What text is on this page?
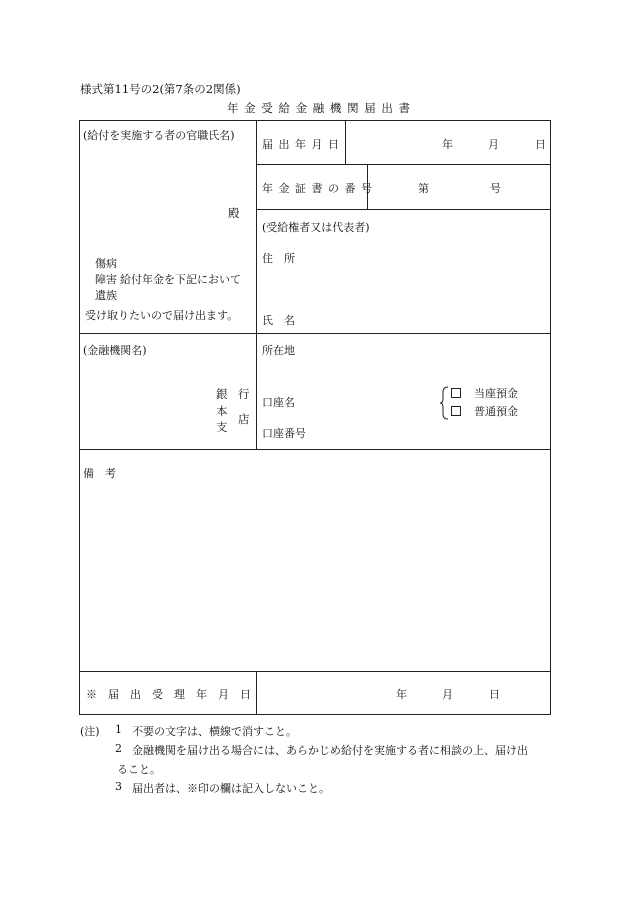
様式第11号の2(第7条の2関係)
年 金 受 給 金 融 機 関 届 出 書
(給付を実施する者の官職氏名)
殿
傷病
障害 給付年金を下記において
遺族
受け取りたいので届け出ます。
届 出 年 月 日	年	月	日
年 金 証 書 の 番 号	第	号
(受給権者又は代表者)
住　所
氏　名
(金融機関名)
銀 行
本
店
支
所在地
口座名
口座番号
当座預金
普通預金
備　考
※　届　出　受　理　年　月　日	年	月	日
(注) 1 不要の文字は、横線で消すこと。
2 金融機関を届け出る場合には、あらかじめ給付を実施する者に相談の上、届け出
ること。
3 届出者は、※印の欄は記入しないこと。
